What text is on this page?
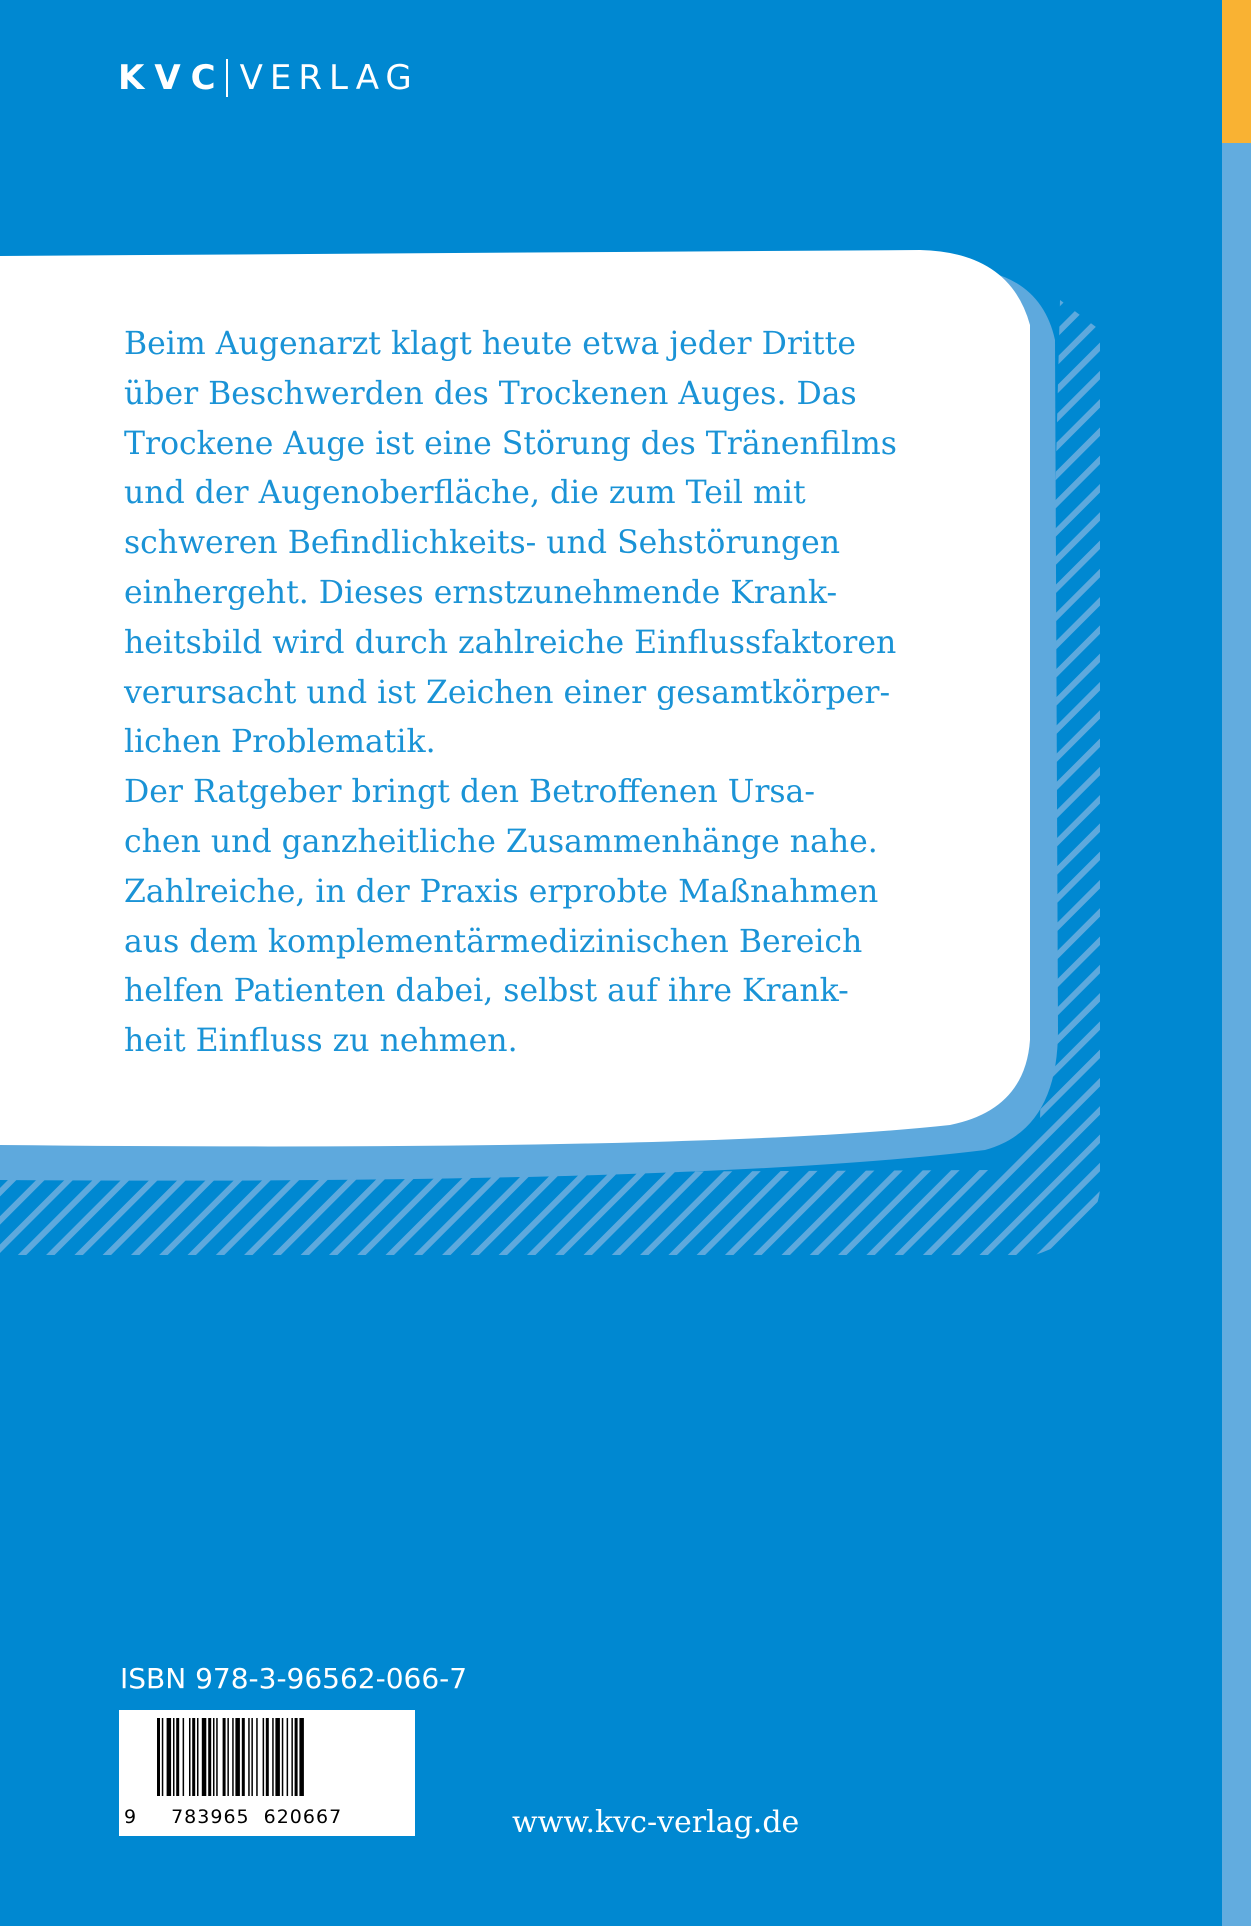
KVC VERLAG

Beim Augenarzt klagt heute etwa jeder Dritte
über Beschwerden des Trockenen Auges. Das
Trockene Auge ist eine Störung des Tränenfilms
und der Augenoberfläche, die zum Teil mit
schweren Befindlichkeits- und Sehstörungen
einhergeht. Dieses ernstzunehmende Krank-
heitsbild wird durch zahlreiche Einflussfaktoren
verursacht und ist Zeichen einer gesamtkörper-
lichen Problematik.
Der Ratgeber bringt den Betroffenen Ursa-
chen und ganzheitliche Zusammenhänge nahe.
Zahlreiche, in der Praxis erprobte Maßnahmen
aus dem komplementärmedizinischen Bereich
helfen Patienten dabei, selbst auf ihre Krank-
heit Einfluss zu nehmen.

ISBN 978-3-96562-066-7
9 783965 620667	www.kvc-verlag.de
